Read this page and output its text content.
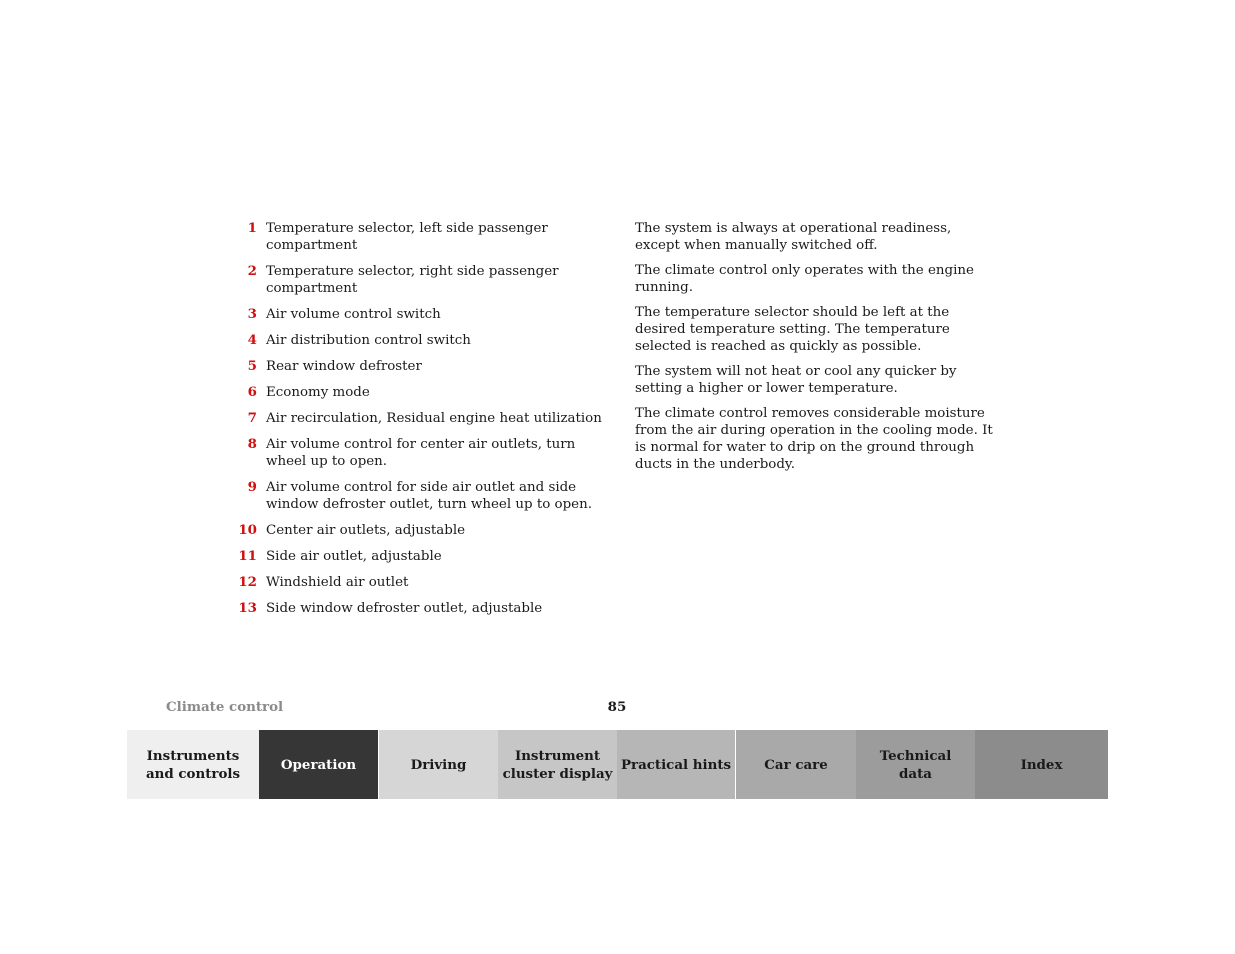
1 Temperature selector, left side passenger compartment
2 Temperature selector, right side passenger compartment
3 Air volume control switch
4 Air distribution control switch
5 Rear window defroster
6 Economy mode
7 Air recirculation, Residual engine heat utilization
8 Air volume control for center air outlets, turn wheel up to open.
9 Air volume control for side air outlet and side window defroster outlet, turn wheel up to open.
10 Center air outlets, adjustable
11 Side air outlet, adjustable
12 Windshield air outlet
13 Side window defroster outlet, adjustable

The system is always at operational readiness, except when manually switched off.

The climate control only operates with the engine running.

The temperature selector should be left at the desired temperature setting. The temperature selected is reached as quickly as possible.

The system will not heat or cool any quicker by setting a higher or lower temperature.

The climate control removes considerable moisture from the air during operation in the cooling mode. It is normal for water to drip on the ground through ducts in the underbody.

Climate control	85
Instruments
and controls
Operation	Driving
Instrument
cluster display
Practical hints	Car care
Technical
data
Index
